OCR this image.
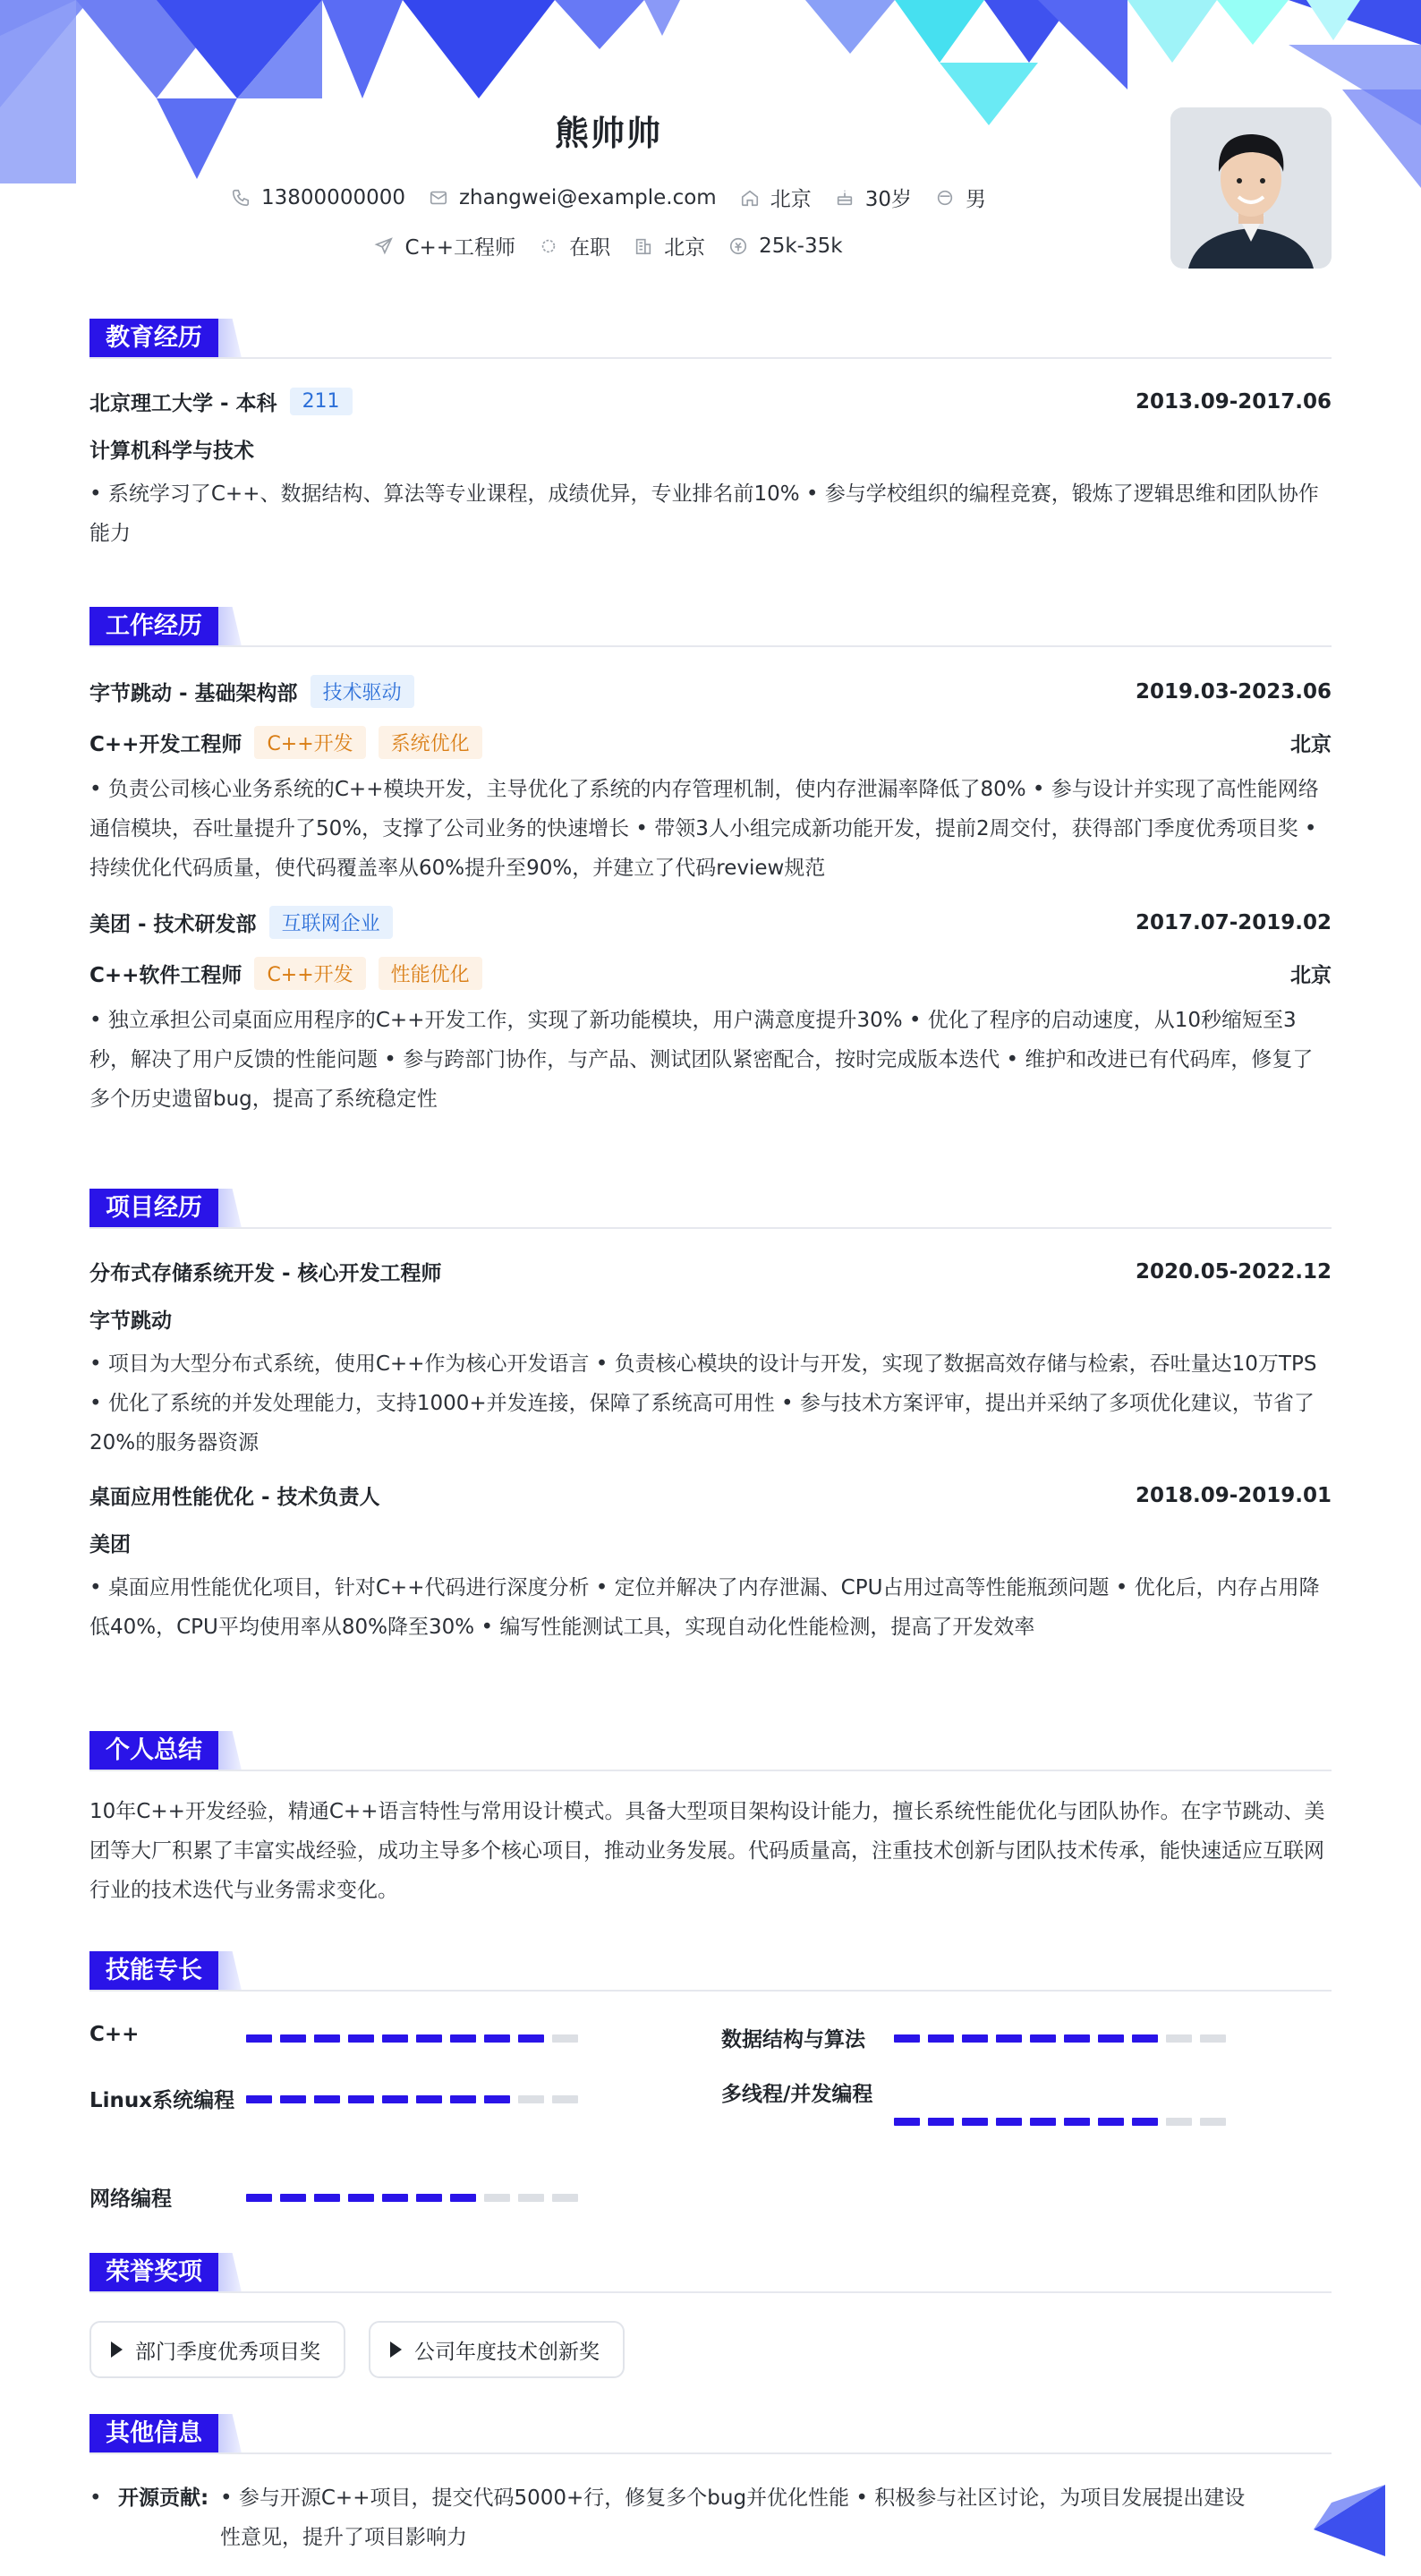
熊帅帅
13800000000	zhangwei@example.com	北京	30岁	男
C++工程师	在职	北京	25k-35k
教育经历
北京理工大学 - 本科	211	2013.09-2017.06
计算机科学与技术
• 系统学习了C++、数据结构、算法等专业课程，成绩优异，专业排名前10% • 参与学校组织的编程竞赛，锻炼了逻辑思维和团队协作能力
工作经历
字节跳动 - 基础架构部	技术驱动	2019.03-2023.06
C++开发工程师	C++开发	系统优化	北京
• 负责公司核心业务系统的C++模块开发，主导优化了系统的内存管理机制，使内存泄漏率降低了80% • 参与设计并实现了高性能网络通信模块，吞吐量提升了50%，支撑了公司业务的快速增长 • 带领3人小组完成新功能开发，提前2周交付，获得部门季度优秀项目奖 • 持续优化代码质量，使代码覆盖率从60%提升至90%，并建立了代码review规范
美团 - 技术研发部	互联网企业	2017.07-2019.02
C++软件工程师	C++开发	性能优化	北京
• 独立承担公司桌面应用程序的C++开发工作，实现了新功能模块，用户满意度提升30% • 优化了程序的启动速度，从10秒缩短至3秒，解决了用户反馈的性能问题 • 参与跨部门协作，与产品、测试团队紧密配合，按时完成版本迭代 • 维护和改进已有代码库，修复了多个历史遗留bug，提高了系统稳定性
项目经历
分布式存储系统开发 - 核心开发工程师	2020.05-2022.12
字节跳动
• 项目为大型分布式系统，使用C++作为核心开发语言 • 负责核心模块的设计与开发，实现了数据高效存储与检索，吞吐量达10万TPS • 优化了系统的并发处理能力，支持1000+并发连接，保障了系统高可用性 • 参与技术方案评审，提出并采纳了多项优化建议，节省了20%的服务器资源
桌面应用性能优化 - 技术负责人	2018.09-2019.01
美团
• 桌面应用性能优化项目，针对C++代码进行深度分析 • 定位并解决了内存泄漏、CPU占用过高等性能瓶颈问题 • 优化后，内存占用降低40%，CPU平均使用率从80%降至30% • 编写性能测试工具，实现自动化性能检测，提高了开发效率
个人总结
10年C++开发经验，精通C++语言特性与常用设计模式。具备大型项目架构设计能力，擅长系统性能优化与团队协作。在字节跳动、美团等大厂积累了丰富实战经验，成功主导多个核心项目，推动业务发展。代码质量高，注重技术创新与团队技术传承，能快速适应互联网行业的技术迭代与业务需求变化。
技能专长
C++	数据结构与算法
Linux系统编程	多线程/并发编程
网络编程
荣誉奖项
部门季度优秀项目奖	公司年度技术创新奖
其他信息
• 开源贡献: • 参与开源C++项目，提交代码5000+行，修复多个bug并优化性能 • 积极参与社区讨论，为项目发展提出建设性意见，提升了项目影响力
